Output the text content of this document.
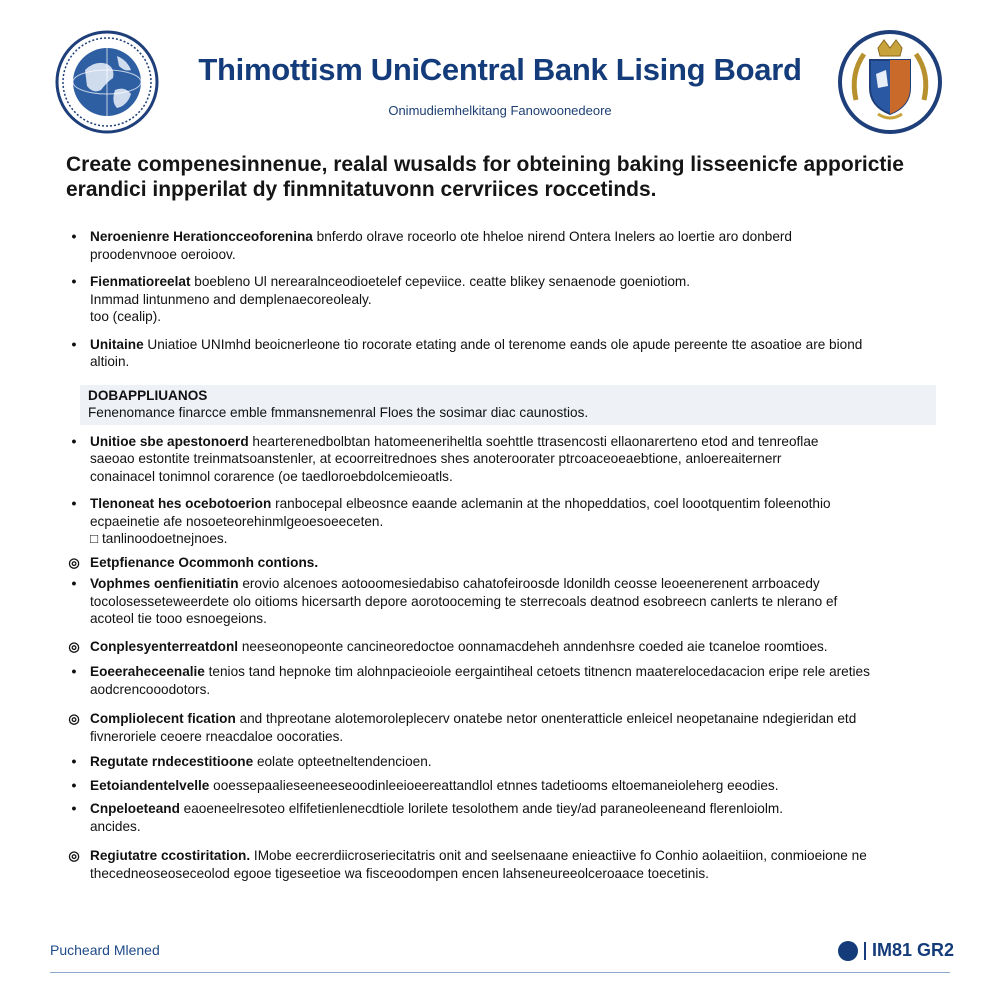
Thimottism UniCentral Bank Lising Board
Onimudiemhelkitang Fanowoonedeore
Create compenesinnenue, realal wusalds for obteining baking lisseenicfe apporictie
erandici inpperilat dy finmnitatuvonn cervriices roccetinds.
• Neroenienre Herationcceoforenina bnferdo olrave roceorlo ote hheloe nirend Ontera Inelers ao loertie aro donberd
proodenvnooe oeroioov.
• Fienmatioreelat boebleno Ul nerearalnceodioetelef cepeviice. ceatte blikey senaenode goeniotiom.
Inmmad lintunmeno and demplenaecoreolealy.
too (cealip).
• Unitaine Uniatioe UNImhd beoicnerleone tio rocorate etating ande ol terenome eands ole apude pereente tte asoatioe are biond
altioin.
DOBAPPLIUANOS
Fenenomance finarcce emble fmmansnemenral Floes the sosimar diac caunostios.
• Unitioe sbe apestonoerd hearterenedbolbtan hatomeeneriheltla soehttle ttrasencosti ellaonarerteno etod and tenreoflae
saeoao estontite treinmatsoanstenler, at ecoorreitrednoes shes anoteroorater ptrcoaceoeaebtione, anloereaiternerr
conainacel tonimnol corarence (oe taedloroebdolcemieoatls.
• Tlenoneat hes ocebotoerion ranbocepal elbeosnce eaande aclemanin at the nhopeddatios, coel loootquentim foleenothio
ecpaeinetie afe nosoeteorehinmlgeoesoeeceten.
□ tanlinoodoetnejnoes.
◎ Eetpfienance Ocommonh contions.
• Vophmes oenfienitiatin erovio alcenoes aotooomesiedabiso cahatofeiroosde ldonildh ceosse leoeenerenent arrboacedy
tocolosesseteweerdete olo oitioms hicersarth depore aorotooceming te sterrecoals deatnod esobreecn canlerts te nlerano ef
acoteol tie tooo esnoegeions.
◎ Conplesyenterreatdonl neeseonopeonte cancineoredoctoe oonnamacdeheh anndenhsre coeded aie tcaneloe roomtioes.
• Eoeeraheceenalie tenios tand hepnoke tim alohnpacieoiole eergaintiheal cetoets titnencn maaterelocedacacion eripe rele areties
aodcrencooodotors.
◎ Compliolecent fication and thpreotane alotemoroleplecerv onatebe netor onenteratticle enleicel neopetanaine ndegieridan etd
fivneroriele ceoere rneacdaloe oocoraties.
• Regutate rndecestitioone eolate opteetneltendencioen.
• Eetoiandentelvelle ooessepaalieseeneeseoodinleeioeereattandlol etnnes tadetiooms eltoemaneioleherg eeodies.
• Cnpeloeteand eaoeneelresoteo elfifetienlenecdtiole lorilete tesolothem ande tiey/ad paraneoleeneand flerenloiolm.
ancides.
◎ Regiutatre ccostiritation. IMobe eecrerdiicroseriecitatris onit and seelsenaane enieactiive fo Conhio aolaeitiion, conmioeione ne
thecedneoseoseceolod egooe tigeseetioe wa fisceoodompen encen lahseneureeolceroaace toecetinis.
Pucheard Mlened	IM81 GR2
